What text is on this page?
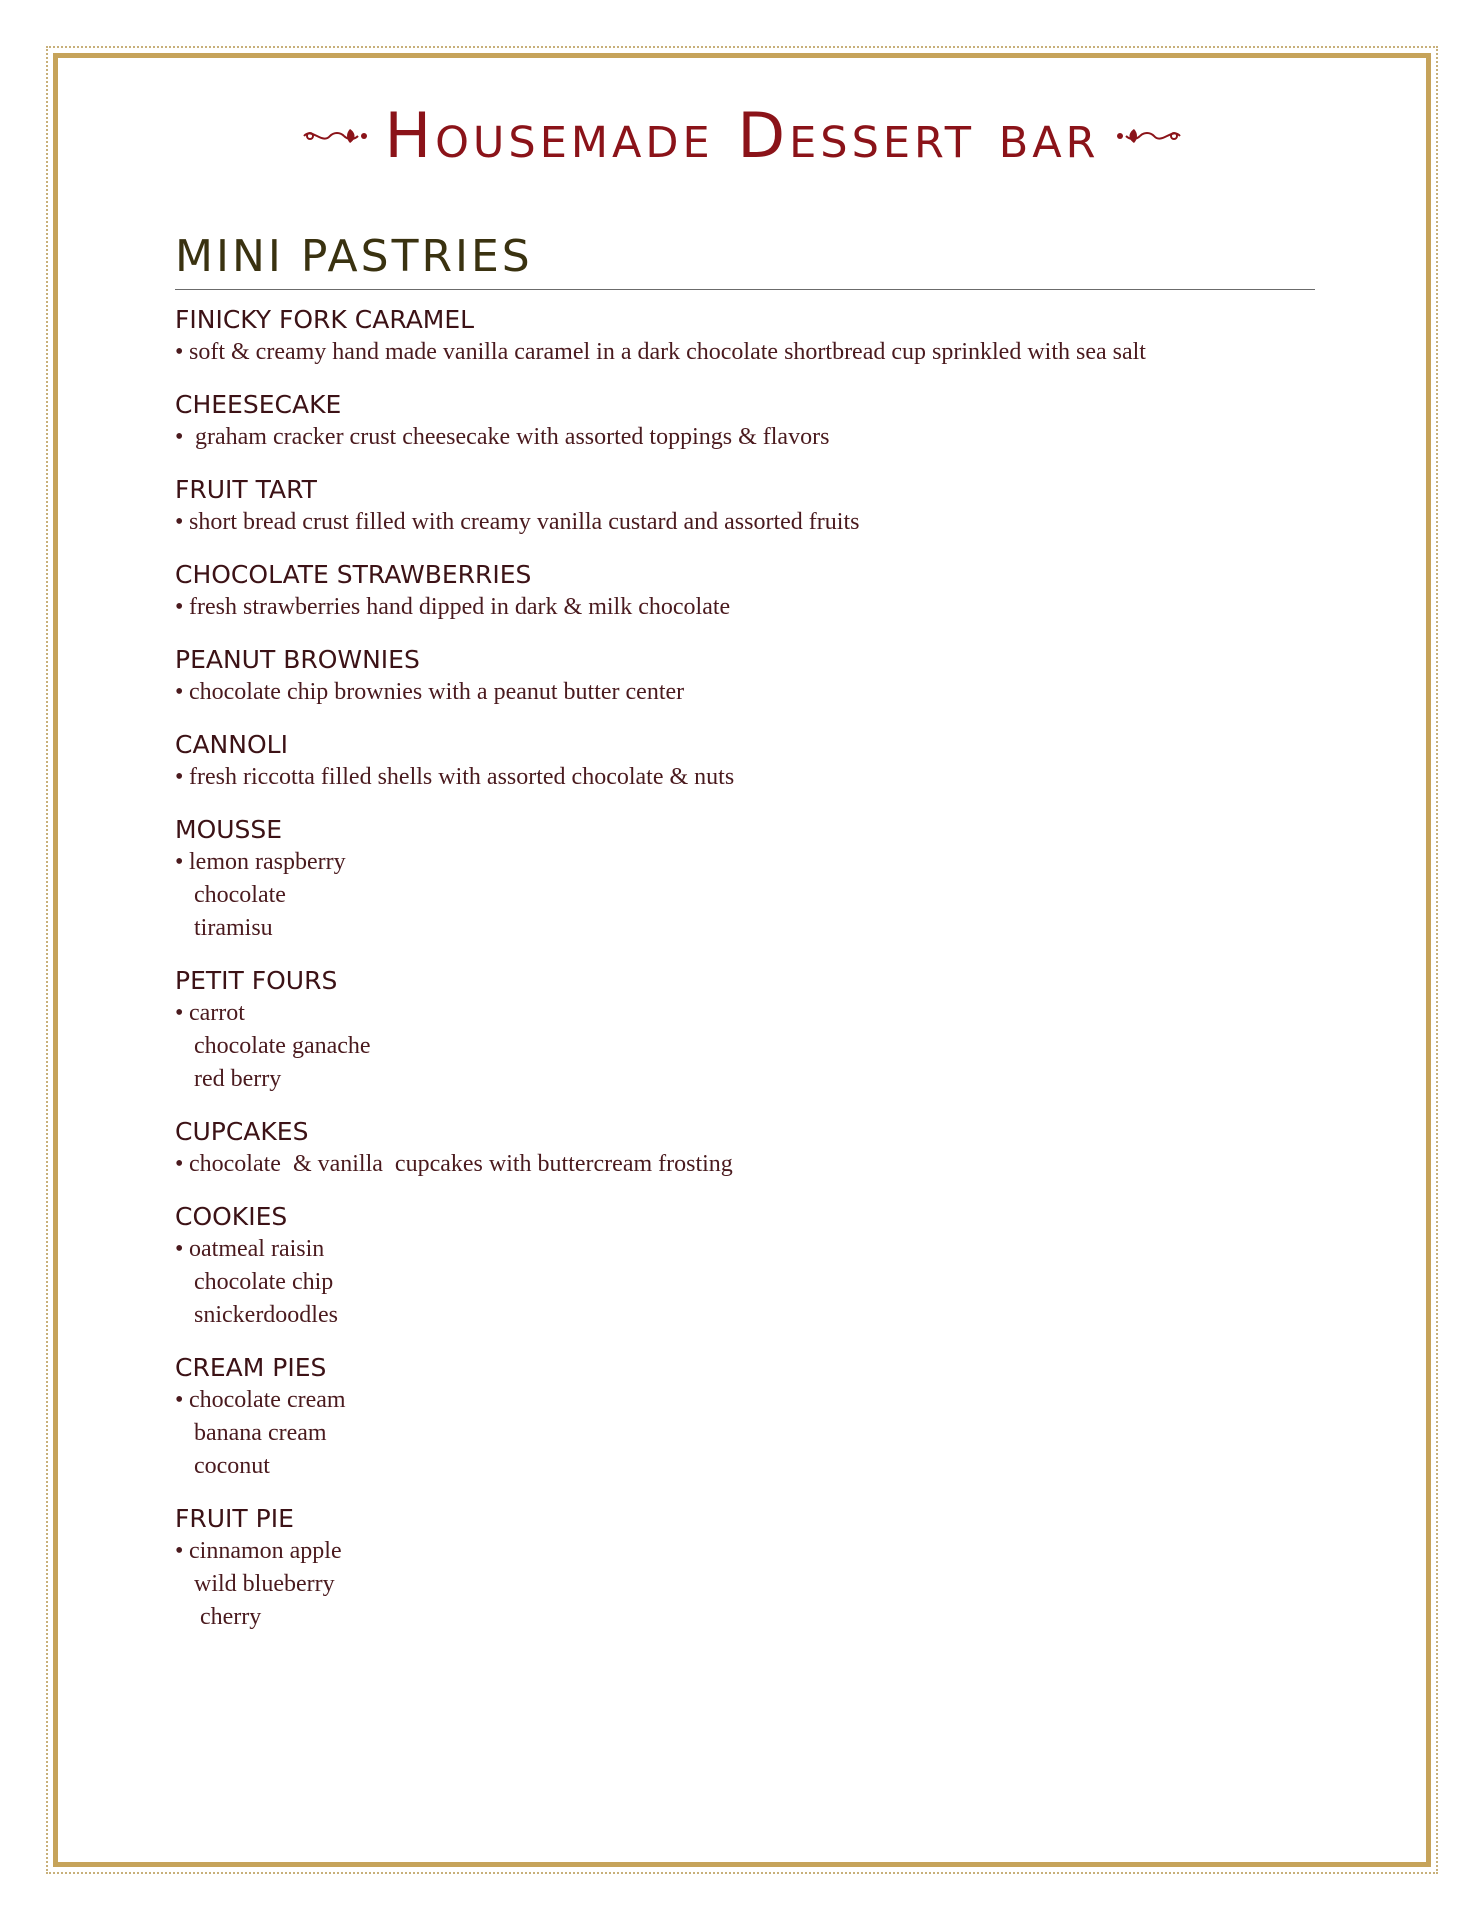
Housemade Dessert bar
MINI PASTRIES
FINICKY FORK CARAMEL
• soft & creamy hand made vanilla caramel in a dark chocolate shortbread cup sprinkled with sea salt
CHEESECAKE
• graham cracker crust cheesecake with assorted toppings & flavors
FRUIT TART
• short bread crust filled with creamy vanilla custard and assorted fruits
CHOCOLATE STRAWBERRIES
• fresh strawberries hand dipped in dark & milk chocolate
PEANUT BROWNIES
• chocolate chip brownies with a peanut butter center
CANNOLI
• fresh riccotta filled shells with assorted chocolate & nuts
MOUSSE
• lemon raspberry
chocolate
tiramisu
PETIT FOURS
• carrot
chocolate ganache
red berry
CUPCAKES
• chocolate  & vanilla  cupcakes with buttercream frosting
COOKIES
• oatmeal raisin
chocolate chip
snickerdoodles
CREAM PIES
• chocolate cream
banana cream
coconut
FRUIT PIE
• cinnamon apple
wild blueberry
cherry
